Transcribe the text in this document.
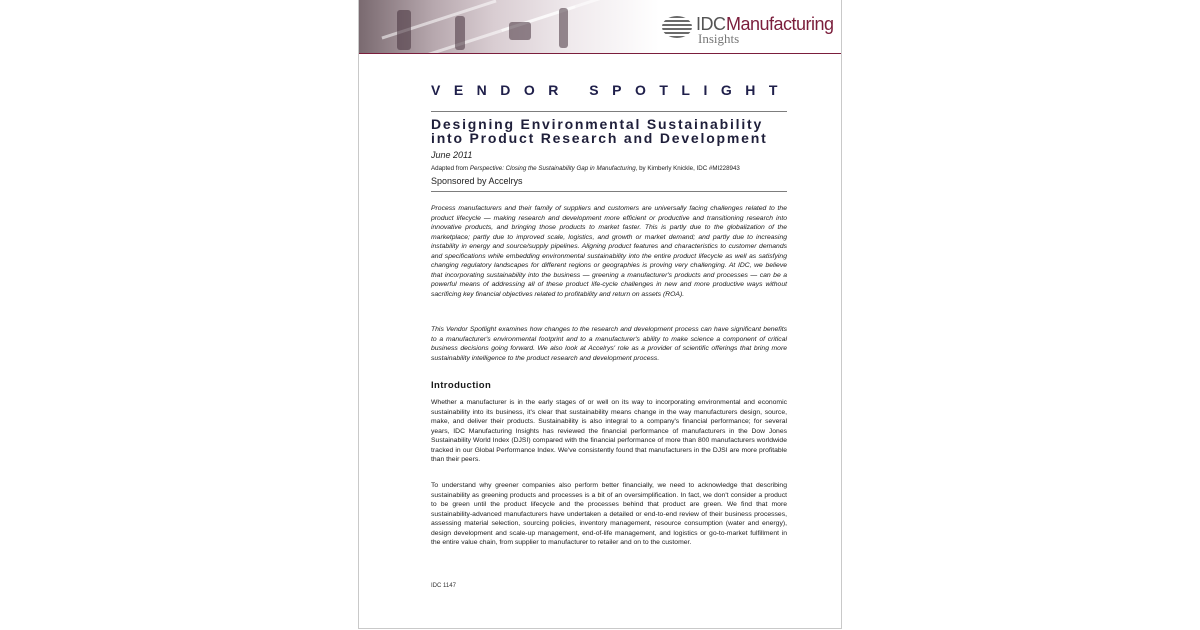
IDC Manufacturing
Insights
VENDOR SPOTLIGHT
Designing Environmental Sustainability into Product Research and Development
June 2011
Adapted from Perspective: Closing the Sustainability Gap in Manufacturing, by Kimberly Knickle, IDC #MI228943
Sponsored by Accelrys

Process manufacturers and their family of suppliers and customers are universally facing challenges related to the product lifecycle — making research and development more efficient or productive and transitioning research into innovative products, and bringing those products to market faster. This is partly due to the globalization of the marketplace; partly due to improved scale, logistics, and growth or market demand; and partly due to increasing instability in energy and source/supply pipelines. Aligning product features and characteristics to customer demands and specifications while embedding environmental sustainability into the entire product lifecycle as well as satisfying changing regulatory landscapes for different regions or geographies is proving very challenging. At IDC, we believe that incorporating sustainability into the business — greening a manufacturer's products and processes — can be a powerful means of addressing all of these product life-cycle challenges in new and more productive ways without sacrificing key financial objectives related to profitability and return on assets (ROA).

This Vendor Spotlight examines how changes to the research and development process can have significant benefits to a manufacturer's environmental footprint and to a manufacturer's ability to make science a component of critical business decisions going forward. We also look at Accelrys' role as a provider of scientific offerings that bring more sustainability intelligence to the product research and development process.

Introduction

Whether a manufacturer is in the early stages of or well on its way to incorporating environmental and economic sustainability into its business, it's clear that sustainability means change in the way manufacturers design, source, make, and deliver their products. Sustainability is also integral to a company's financial performance; for several years, IDC Manufacturing Insights has reviewed the financial performance of manufacturers in the Dow Jones Sustainability World Index (DJSI) compared with the financial performance of more than 800 manufacturers worldwide tracked in our Global Performance Index. We've consistently found that manufacturers in the DJSI are more profitable than their peers.

To understand why greener companies also perform better financially, we need to acknowledge that describing sustainability as greening products and processes is a bit of an oversimplification. In fact, we don't consider a product to be green until the product lifecycle and the processes behind that product are green. We find that more sustainability-advanced manufacturers have undertaken a detailed or end-to-end review of their business processes, assessing material selection, sourcing policies, inventory management, resource consumption (water and energy), design development and scale-up management, end-of-life management, and logistics or go-to-market fulfillment in the entire value chain, from supplier to manufacturer to retailer and on to the customer.

IDC 1147
